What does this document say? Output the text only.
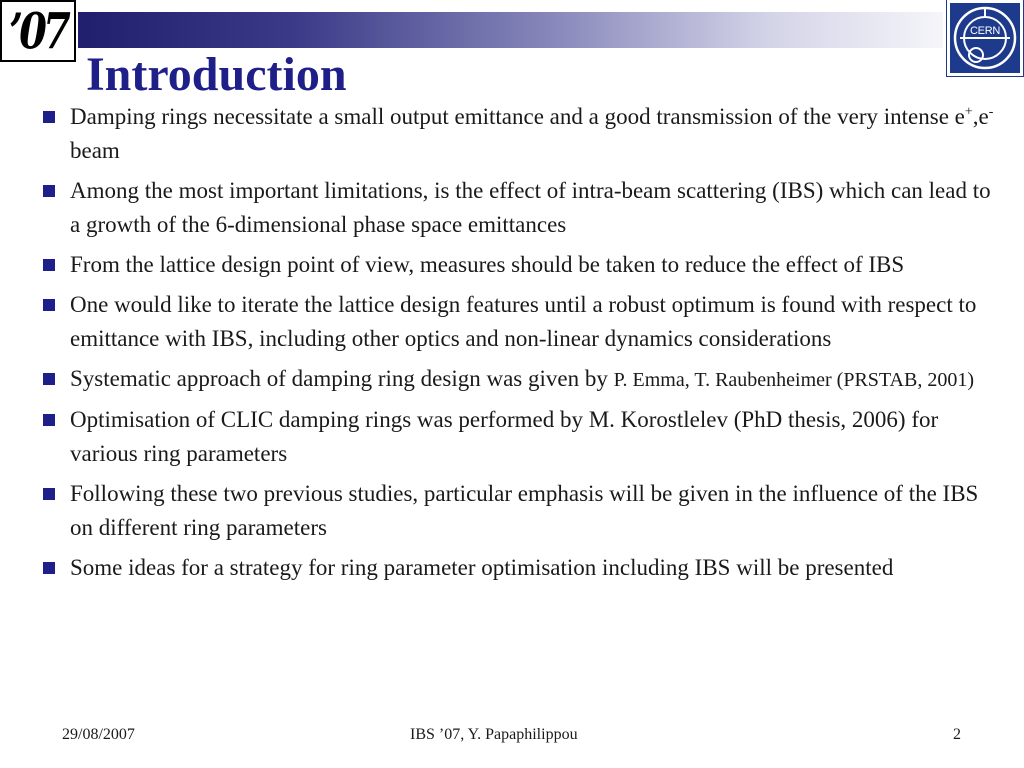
’07	CERN
Introduction
Damping rings necessitate a small output emittance and a good transmission of the very intense e+,e- beam
Among the most important limitations, is the effect of intra-beam scattering (IBS) which can lead to a growth of the 6-dimensional phase space emittances
From the lattice design point of view, measures should be taken to reduce the effect of IBS
One would like to iterate the lattice design features until a robust optimum is found with respect to emittance with IBS, including other optics and non-linear dynamics considerations
Systematic approach of damping ring design was given by P. Emma, T. Raubenheimer (PRSTAB, 2001)
Optimisation of CLIC damping rings was performed by M. Korostlelev (PhD thesis, 2006) for various ring parameters
Following these two previous studies, particular emphasis will be given in the influence of the IBS on different ring parameters
Some ideas for a strategy for ring parameter optimisation including IBS will be presented
29/08/2007	IBS ’07, Y. Papaphilippou	2
